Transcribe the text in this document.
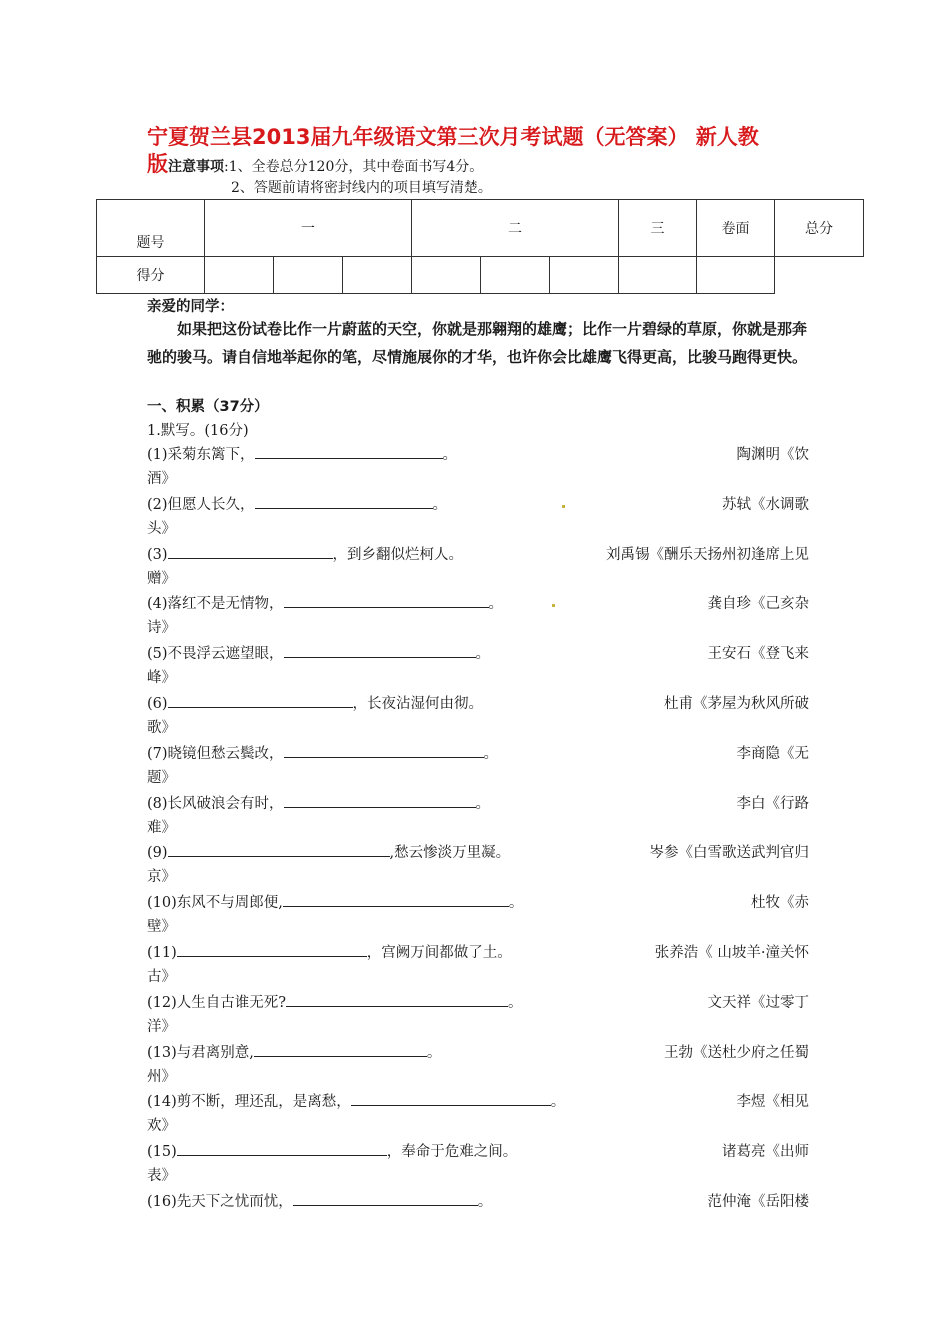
宁夏贺兰县2013届九年级语文第三次月考试题（无答案） 新人教
版注意事项:1、全卷总分120分，其中卷面书写4分。
2、答题前请将密封线内的项目填写清楚。
题号	一			二			三	卷面	总分
得分									
亲爱的同学：
如果把这份试卷比作一片蔚蓝的天空，你就是那翱翔的雄鹰；比作一片碧绿的草原，你就是那奔驰的骏马。请自信地举起你的笔，尽情施展你的才华，也许你会比雄鹰飞得更高，比骏马跑得更快。
一、积累（37分）
1.默写。(16分)
(1)采菊东篱下，	。	陶渊明《饮
酒》
(2)但愿人长久，	。	苏轼《水调歌
头》
(3)	，到乡翻似烂柯人。	刘禹锡《酬乐天扬州初逢席上见
赠》
(4)落红不是无情物，	。	龚自珍《己亥杂
诗》
(5)不畏浮云遮望眼，	。	王安石《登飞来
峰》
(6)	，长夜沾湿何由彻。	杜甫《茅屋为秋风所破
歌》
(7)晓镜但愁云鬓改，	。	李商隐《无
题》
(8)长风破浪会有时，	。	李白《行路
难》
(9)	,愁云惨淡万里凝。	岑参《白雪歌送武判官归
京》
(10)东风不与周郎便,	。	杜牧《赤
壁》
(11)	，宫阙万间都做了土。	张养浩《 山坡羊·潼关怀
古》
(12)人生自古谁无死?	。	文天祥《过零丁
洋》
(13)与君离别意,	。	王勃《送杜少府之任蜀
州》
(14)剪不断，理还乱，是离愁，	。	李煜《相见
欢》
(15)	，奉命于危难之间。	诸葛亮《出师
表》
(16)先天下之忧而忧，	。	范仲淹《岳阳楼
